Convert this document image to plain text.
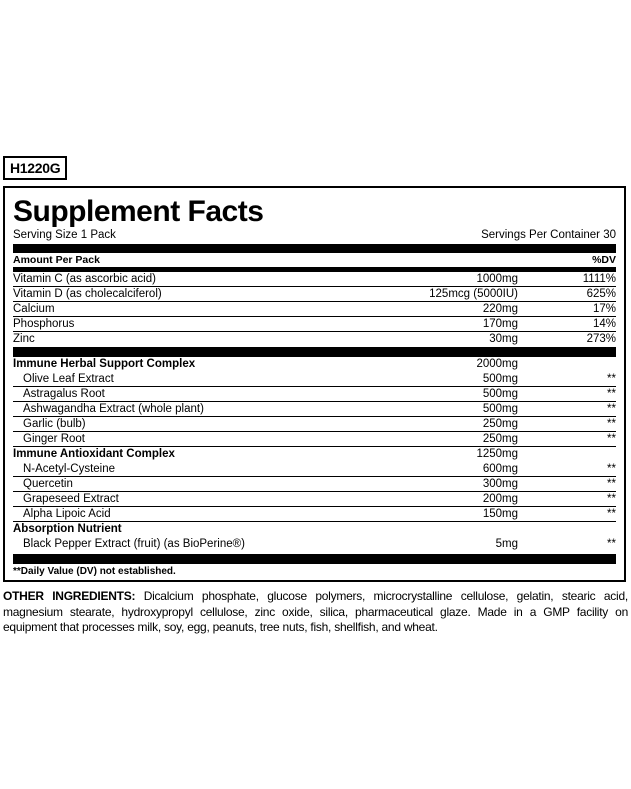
H1220G
Supplement Facts
Serving Size 1 Pack	Servings Per Container 30
Amount Per Pack	%DV
Vitamin C (as ascorbic acid)	1000mg	1111%
Vitamin D (as cholecalciferol)	125mcg (5000IU)	625%
Calcium	220mg	17%
Phosphorus	170mg	14%
Zinc	30mg	273%
Immune Herbal Support Complex	2000mg
Olive Leaf Extract	500mg	**
Astragalus Root	500mg	**
Ashwagandha Extract (whole plant)	500mg	**
Garlic (bulb)	250mg	**
Ginger Root	250mg	**
Immune Antioxidant Complex	1250mg
N-Acetyl-Cysteine	600mg	**
Quercetin	300mg	**
Grapeseed Extract	200mg	**
Alpha Lipoic Acid	150mg	**
Absorption Nutrient
Black Pepper Extract (fruit) (as BioPerine®)	5mg	**
**Daily Value (DV) not established.
OTHER INGREDIENTS: Dicalcium phosphate, glucose polymers, microcrystalline cellulose, gelatin, stearic acid, magnesium stearate, hydroxypropyl cellulose, zinc oxide, silica, pharmaceutical glaze. Made in a GMP facility on equipment that processes milk, soy, egg, peanuts, tree nuts, fish, shellfish, and wheat.
